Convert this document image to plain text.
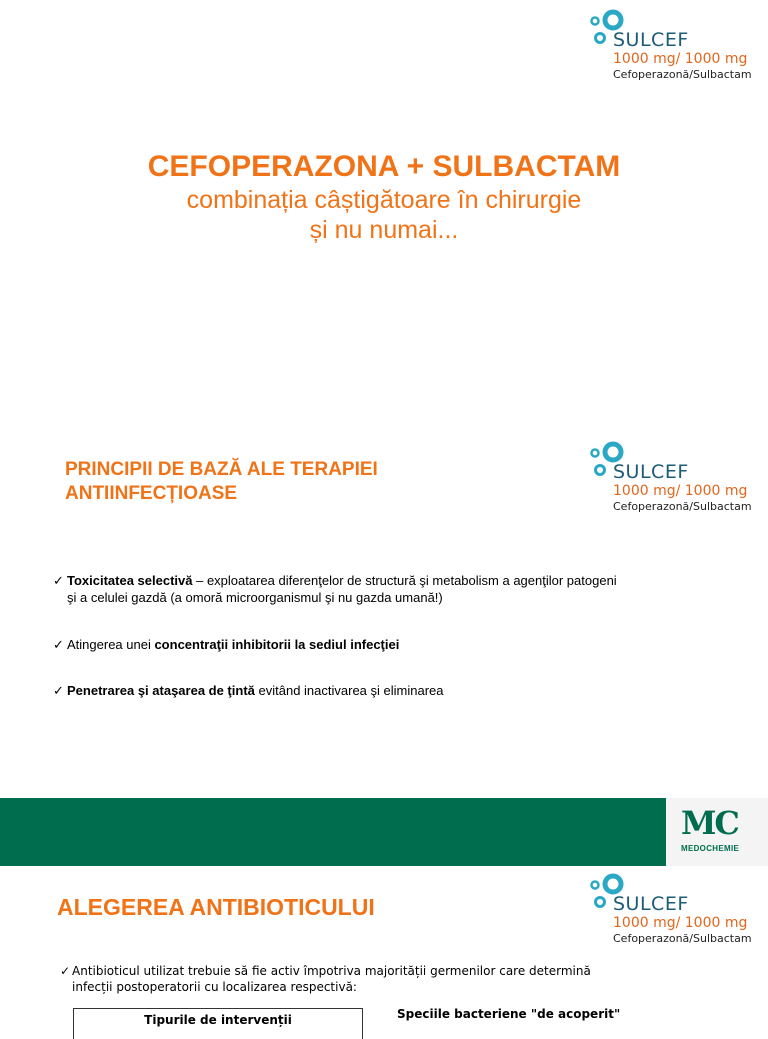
SULCEF
1000 mg/ 1000 mg
Cefoperazonă/Sulbactam
CEFOPERAZONA + SULBACTAM
combinația câștigătoare în chirurgie
și nu numai...
SULCEF
1000 mg/ 1000 mg
Cefoperazonă/Sulbactam
PRINCIPII DE BAZĂ ALE TERAPIEI
ANTIINFECȚIOASE
✓ Toxicitatea selectivă – exploatarea diferenţelor de structură şi metabolism a agenţilor patogeni
şi a celulei gazdă (a omoră microorganismul şi nu gazda umană!)
✓ Atingerea unei concentraţii inhibitorii la sediul infecţiei
✓ Penetrarea şi ataşarea de ţintă evitând inactivarea şi eliminarea
MC
MEDOCHEMIE
SULCEF
1000 mg/ 1000 mg
Cefoperazonă/Sulbactam
ALEGEREA ANTIBIOTICULUI
✓ Antibioticul utilizat trebuie să fie activ împotriva majorității germenilor care determină
infecții postoperatorii cu localizarea respectivă:
Tipurile de intervenții	Speciile bacteriene "de acoperit"
